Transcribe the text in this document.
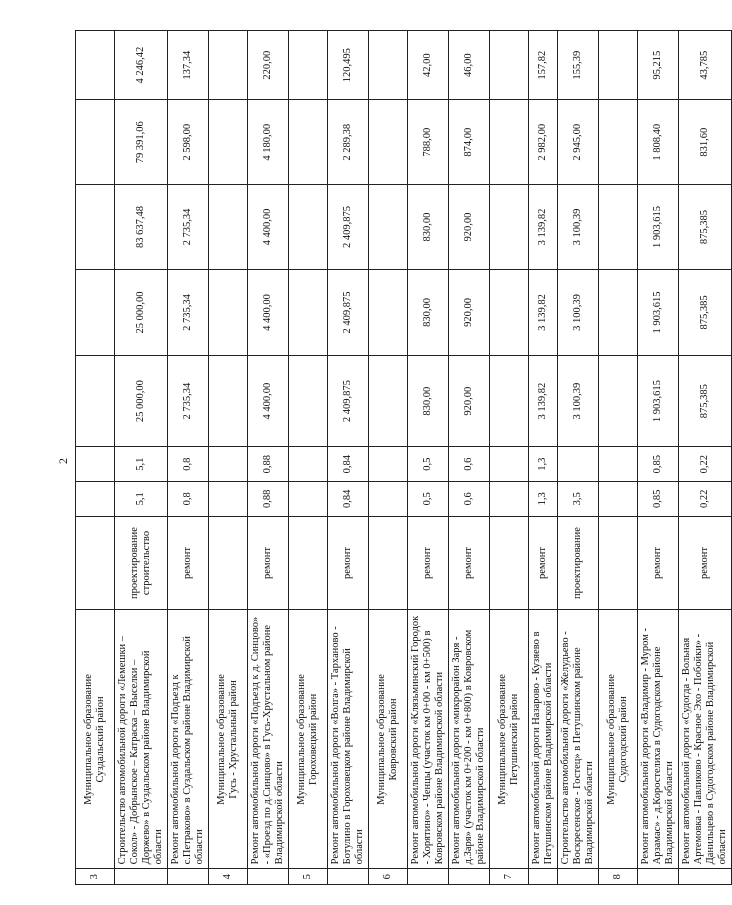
2
3	Муниципальное образование
Суздальский район								
	Строительство автомобильной дороги «Лемешки – Сокол» - Добрынское – Катраска – Выселки – Доржево» в Суздальском районе Владимирской области	проектирование строительство	5,1	5,1	25 000,00	25 000,00	83 637,48	79 391,06	4 246,42
	Ремонт автомобильной дороги «Подъезд к с.Петраково» в Суздальском районе Владимирской области	ремонт	0,8	0,8	2 735,34	2 735,34	2 735,34	2 598,00	137,34
4	Муниципальное образование
Гусь - Хрустальный район								
	Ремонт автомобильной дороги «Подъезд к д. Синцово» - «Проезд по д.Синцово» в Гусь-Хрустальном районе Владимирской области	ремонт	0,88	0,88	4 400,00	4 400,00	4 400,00	4 180,00	220,00
5	Муниципальное образование
Гороховецкий район								
	Ремонт автомобильной дороги «Волга» - Тарханово - Ботулино в Гороховецком районе Владимирской области	ремонт	0,84	0,84	2 409,875	2 409,875	2 409,875	2 289,38	120,495
6	Муниципальное образование
Ковровский район								
	Ремонт автомобильной дороги «Клязьминский Городок - Хорятино» - Ченцы (участок км 0+00 - км 0+500) в Ковровском районе Владимирской области	ремонт	0,5	0,5	830,00	830,00	830,00	788,00	42,00
	Ремонт автомобильной дороги «микрорайон Заря - д.Заря» (участок км 0+200 - км 0+800) в Ковровском районе Владимирской области	ремонт	0,6	0,6	920,00	920,00	920,00	874,00	46,00
7	Муниципальное образование
Петушинский район								
	Ремонт автомобильной дороги Назарово - Кузяево в Петушинском районе Владимирской области	ремонт	1,3	1,3	3 139,82	3 139,82	3 139,82	2 982,00	157,82
	Строительство автомобильной дороги «Желудьево - Воскресенское - Гостец» в Петушинском районе Владимирской области	проектирование	3,5		3 100,39	3 100,39	3 100,39	2 945,00	155,39
8	Муниципальное образование
Судогодский район								
	Ремонт автомобильной дороги «Владимир - Муром - Арзамас» - д.Коростелиха в Судогодском районе Владимирской области	ремонт	0,85	0,85	1 903,615	1 903,615	1 903,615	1 808,40	95,215
	Ремонт автомобильной дороги «Судогда - Вольная Артемовка - Павликово - Красное Эхо - Побойки» - Данильцево в Судогодском районе Владимирской области	ремонт	0,22	0,22	875,385	875,385	875,385	831,60	43,785
